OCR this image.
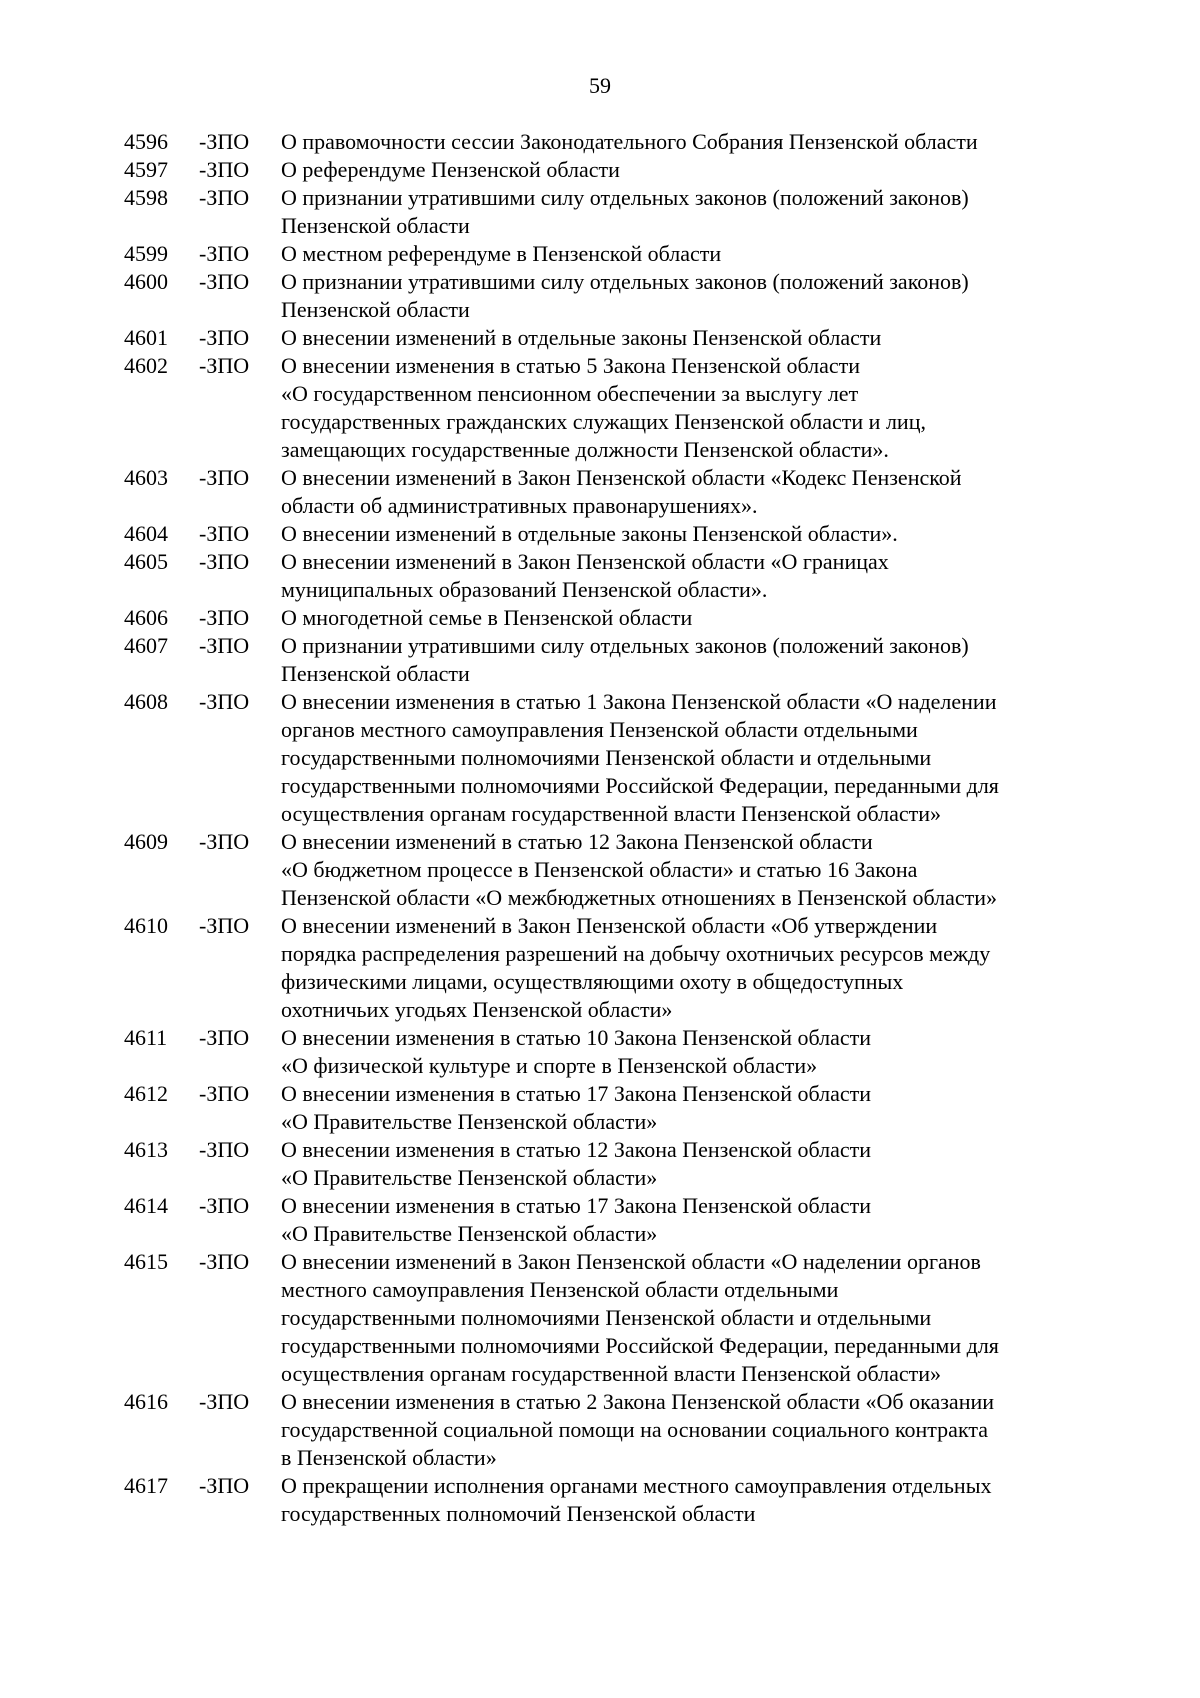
59
4596 -ЗПО О правомочности сессии Законодательного Собрания Пензенской области
4597 -ЗПО О референдуме Пензенской области
4598 -ЗПО О признании утратившими силу отдельных законов (положений законов)
Пензенской области
4599 -ЗПО О местном референдуме в Пензенской области
4600 -ЗПО О признании утратившими силу отдельных законов (положений законов)
Пензенской области
4601 -ЗПО О внесении изменений в отдельные законы Пензенской области
4602 -ЗПО О внесении изменения в статью 5 Закона Пензенской области
«О государственном пенсионном обеспечении за выслугу лет
государственных гражданских служащих Пензенской области и лиц,
замещающих государственные должности Пензенской области».
4603 -ЗПО О внесении изменений в Закон Пензенской области «Кодекс Пензенской
области об административных правонарушениях».
4604 -ЗПО О внесении изменений в отдельные законы Пензенской области».
4605 -ЗПО О внесении изменений в Закон Пензенской области «О границах
муниципальных образований Пензенской области».
4606 -ЗПО О многодетной семье в Пензенской области
4607 -ЗПО О признании утратившими силу отдельных законов (положений законов)
Пензенской области
4608 -ЗПО О внесении изменения в статью 1 Закона Пензенской области «О наделении
органов местного самоуправления Пензенской области отдельными
государственными полномочиями Пензенской области и отдельными
государственными полномочиями Российской Федерации, переданными для
осуществления органам государственной власти Пензенской области»
4609 -ЗПО О внесении изменений в статью 12 Закона Пензенской области
«О бюджетном процессе в Пензенской области» и статью 16 Закона
Пензенской области «О межбюджетных отношениях в Пензенской области»
4610 -ЗПО О внесении изменений в Закон Пензенской области «Об утверждении
порядка распределения разрешений на добычу охотничьих ресурсов между
физическими лицами, осуществляющими охоту в общедоступных
охотничьих угодьях Пензенской области»
4611 -ЗПО О внесении изменения в статью 10 Закона Пензенской области
«О физической культуре и спорте в Пензенской области»
4612 -ЗПО О внесении изменения в статью 17 Закона Пензенской области
«О Правительстве Пензенской области»
4613 -ЗПО О внесении изменения в статью 12 Закона Пензенской области
«О Правительстве Пензенской области»
4614 -ЗПО О внесении изменения в статью 17 Закона Пензенской области
«О Правительстве Пензенской области»
4615 -ЗПО О внесении изменений в Закон Пензенской области «О наделении органов
местного самоуправления Пензенской области отдельными
государственными полномочиями Пензенской области и отдельными
государственными полномочиями Российской Федерации, переданными для
осуществления органам государственной власти Пензенской области»
4616 -ЗПО О внесении изменения в статью 2 Закона Пензенской области «Об оказании
государственной социальной помощи на основании социального контракта
в Пензенской области»
4617 -ЗПО О прекращении исполнения органами местного самоуправления отдельных
государственных полномочий Пензенской области
